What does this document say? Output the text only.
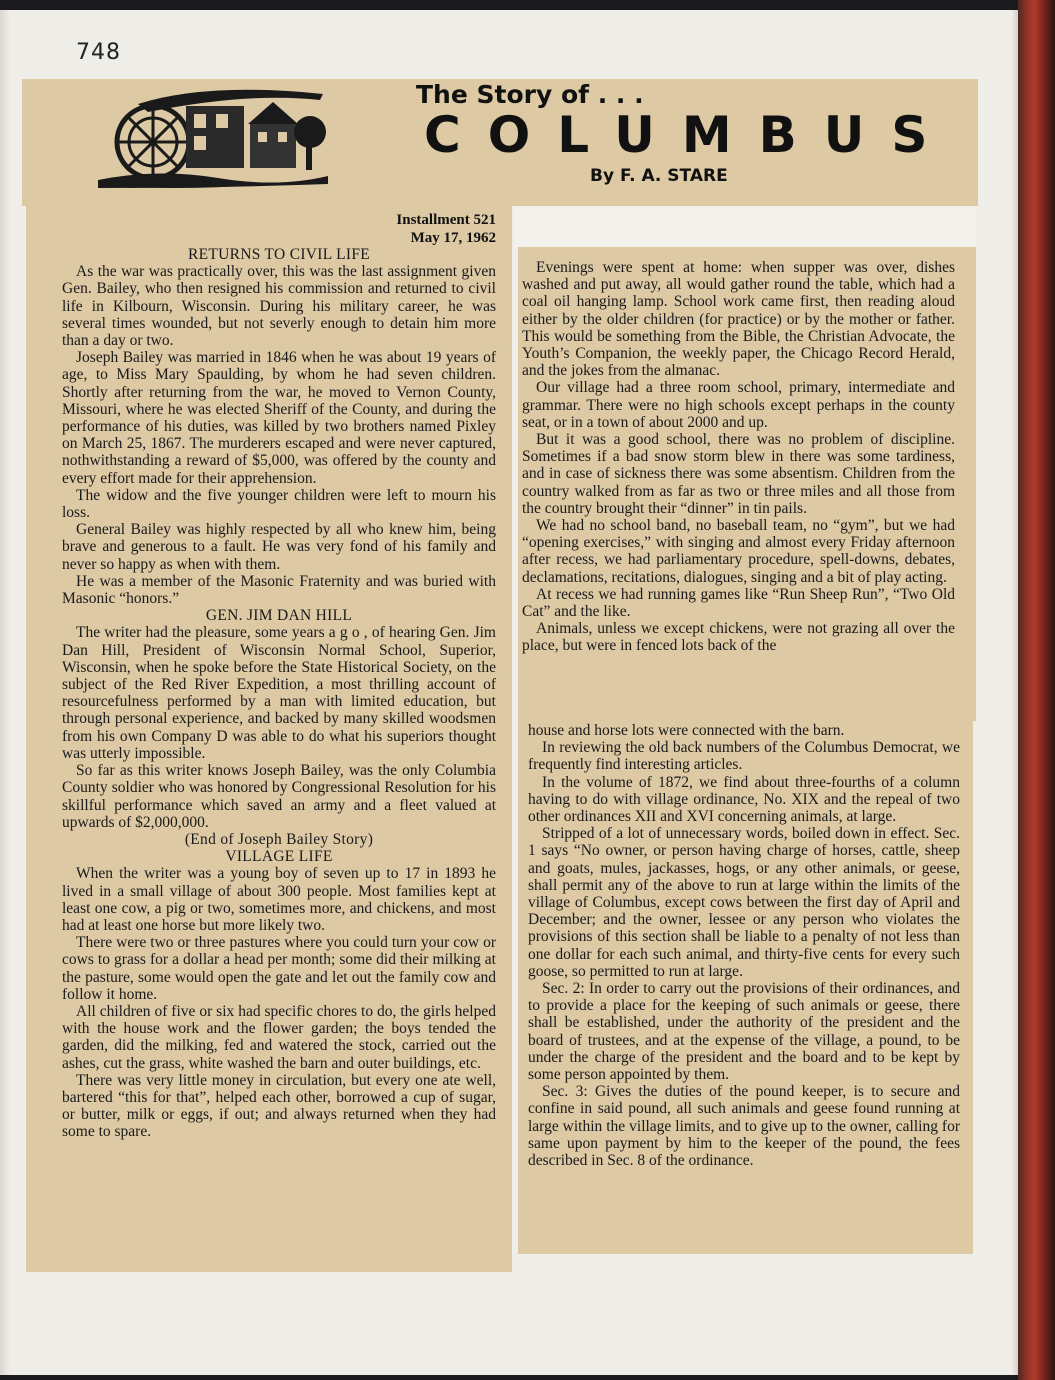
748
The Story of . . .
COLUMBUS
By F. A. STARE
Installment 521
May 17, 1962
RETURNS TO CIVIL LIFE

As the war was practically over, this was the last assignment given Gen. Bailey, who then resigned his commission and returned to civil life in Kilbourn, Wisconsin. During his military career, he was several times wounded, but not severly enough to detain him more than a day or two.

Joseph Bailey was married in 1846 when he was about 19 years of age, to Miss Mary Spaulding, by whom he had seven children. Shortly after returning from the war, he moved to Vernon County, Missouri, where he was elected Sheriff of the County, and during the performance of his duties, was killed by two brothers named Pixley on March 25, 1867. The murderers escaped and were never captured, nothwithstanding a reward of $5,000, was offered by the county and every effort made for their apprehension.

The widow and the five younger children were left to mourn his loss.

General Bailey was highly respected by all who knew him, being brave and generous to a fault. He was very fond of his family and never so happy as when with them.

He was a member of the Masonic Fraternity and was buried with Masonic “honors.”

GEN. JIM DAN HILL

The writer had the pleasure, some years a g o , of hearing Gen. Jim Dan Hill, President of Wisconsin Normal School, Superior, Wisconsin, when he spoke before the State Historical Society, on the subject of the Red River Expedition, a most thrilling account of resourcefulness performed by a man with limited education, but through personal experience, and backed by many skilled woodsmen from his own Company D was able to do what his superiors thought was utterly impossible.

So far as this writer knows Joseph Bailey, was the only Columbia County soldier who was honored by Congressional Resolution for his skillful performance which saved an army and a fleet valued at upwards of $2,000,000.

(End of Joseph Bailey Story)
VILLAGE LIFE

When the writer was a young boy of seven up to 17 in 1893 he lived in a small village of about 300 people. Most families kept at least one cow, a pig or two, sometimes more, and chickens, and most had at least one horse but more likely two.

There were two or three pastures where you could turn your cow or cows to grass for a dollar a head per month; some did their milking at the pasture, some would open the gate and let out the family cow and follow it home.

All children of five or six had specific chores to do, the girls helped with the house work and the flower garden; the boys tended the garden, did the milking, fed and watered the stock, carried out the ashes, cut the grass, white washed the barn and outer buildings, etc.

There was very little money in circulation, but every one ate well, bartered “this for that”, helped each other, borrowed a cup of sugar, or butter, milk or eggs, if out; and always returned when they had some to spare.

Evenings were spent at home: when supper was over, dishes washed and put away, all would gather round the table, which had a coal oil hanging lamp. School work came first, then reading aloud either by the older children (for practice) or by the mother or father. This would be something from the Bible, the Christian Advocate, the Youth’s Companion, the weekly paper, the Chicago Record Herald, and the jokes from the almanac.

Our village had a three room school, primary, intermediate and grammar. There were no high schools except perhaps in the county seat, or in a town of about 2000 and up.

But it was a good school, there was no problem of discipline. Sometimes if a bad snow storm blew in there was some tardiness, and in case of sickness there was some absentism. Children from the country walked from as far as two or three miles and all those from the country brought their “dinner” in tin pails.

We had no school band, no baseball team, no “gym”, but we had “opening exercises,” with singing and almost every Friday afternoon after recess, we had parliamentary procedure, spell-downs, debates, declamations, recitations, dialogues, singing and a bit of play acting.

At recess we had running games like “Run Sheep Run”, “Two Old Cat” and the like.

Animals, unless we except chickens, were not grazing all over the place, but were in fenced lots back of the

house and horse lots were connected with the barn.

In reviewing the old back numbers of the Columbus Democrat, we frequently find interesting articles.

In the volume of 1872, we find about three-fourths of a column having to do with village ordinance, No. XIX and the repeal of two other ordinances XII and XVI concerning animals, at large.

Stripped of a lot of unnecessary words, boiled down in effect. Sec. 1 says “No owner, or person having charge of horses, cattle, sheep and goats, mules, jackasses, hogs, or any other animals, or geese, shall permit any of the above to run at large within the limits of the village of Columbus, except cows between the first day of April and December; and the owner, lessee or any person who violates the provisions of this section shall be liable to a penalty of not less than one dollar for each such animal, and thirty-five cents for every such goose, so permitted to run at large.

Sec. 2: In order to carry out the provisions of their ordinances, and to provide a place for the keeping of such animals or geese, there shall be established, under the authority of the president and the board of trustees, and at the expense of the village, a pound, to be under the charge of the president and the board and to be kept by some person appointed by them.

Sec. 3: Gives the duties of the pound keeper, is to secure and confine in said pound, all such animals and geese found running at large within the village limits, and to give up to the owner, calling for same upon payment by him to the keeper of the pound, the fees described in Sec. 8 of the ordinance.
